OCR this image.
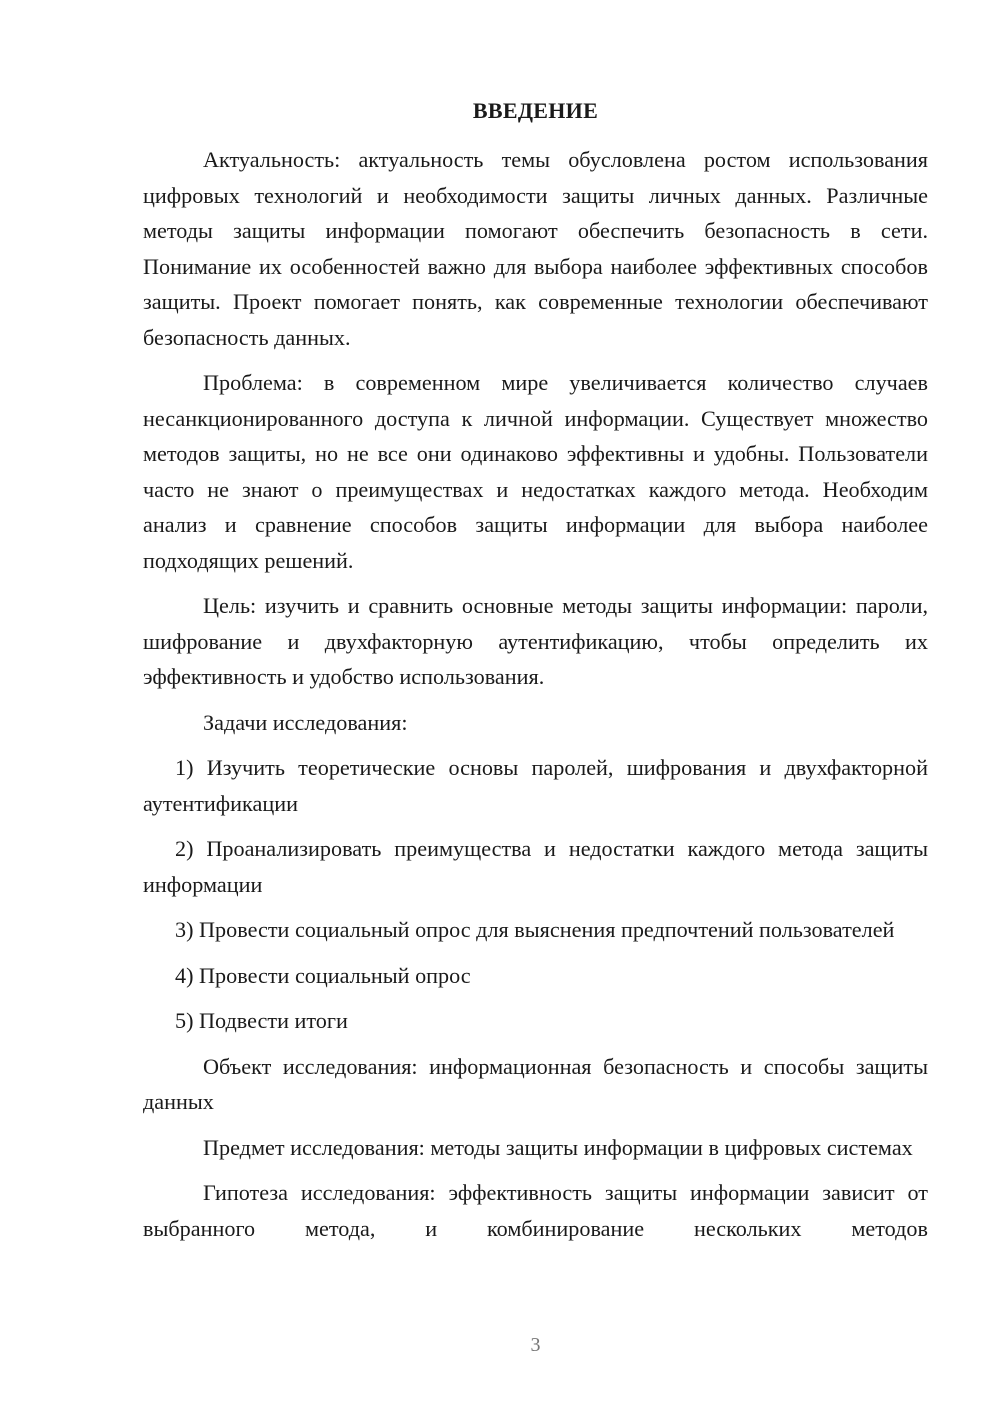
ВВЕДЕНИЕ

Актуальность: актуальность темы обусловлена ростом использования цифровых технологий и необходимости защиты личных данных. Различные методы защиты информации помогают обеспечить безопасность в сети. Понимание их особенностей важно для выбора наиболее эффективных способов защиты. Проект помогает понять, как современные технологии обеспечивают безопасность данных.

Проблема: в современном мире увеличивается количество случаев несанкционированного доступа к личной информации. Существует множество методов защиты, но не все они одинаково эффективны и удобны. Пользователи часто не знают о преимуществах и недостатках каждого метода. Необходим анализ и сравнение способов защиты информации для выбора наиболее подходящих решений.

Цель: изучить и сравнить основные методы защиты информации: пароли, шифрование и двухфакторную аутентификацию, чтобы определить их эффективность и удобство использования.

Задачи исследования:

1) Изучить теоретические основы паролей, шифрования и двухфакторной аутентификации

2) Проанализировать преимущества и недостатки каждого метода защиты информации

3) Провести социальный опрос для выяснения предпочтений пользователей

4) Провести социальный опрос

5) Подвести итоги

Объект исследования: информационная безопасность и способы защиты данных

Предмет исследования: методы защиты информации в цифровых системах

Гипотеза исследования: эффективность защиты информации зависит от выбранного метода, и комбинирование нескольких методов

3
